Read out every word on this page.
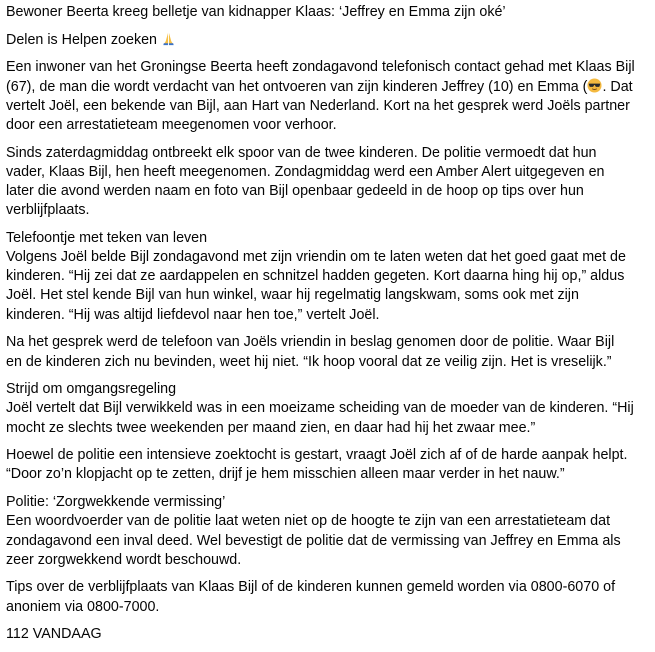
Bewoner Beerta kreeg belletje van kidnapper Klaas: ‘Jeffrey en Emma zijn oké’
Delen is Helpen zoeken
Een inwoner van het Groningse Beerta heeft zondagavond telefonisch contact gehad met Klaas Bijl
(67), de man die wordt verdacht van het ontvoeren van zijn kinderen Jeffrey (10) en Emma ( . Dat
vertelt Joël, een bekende van Bijl, aan Hart van Nederland. Kort na het gesprek werd Joëls partner
door een arrestatieteam meegenomen voor verhoor.
Sinds zaterdagmiddag ontbreekt elk spoor van de twee kinderen. De politie vermoedt dat hun
vader, Klaas Bijl, hen heeft meegenomen. Zondagmiddag werd een Amber Alert uitgegeven en
later die avond werden naam en foto van Bijl openbaar gedeeld in de hoop op tips over hun
verblijfplaats.
Telefoontje met teken van leven
Volgens Joël belde Bijl zondagavond met zijn vriendin om te laten weten dat het goed gaat met de
kinderen. “Hij zei dat ze aardappelen en schnitzel hadden gegeten. Kort daarna hing hij op,” aldus
Joël. Het stel kende Bijl van hun winkel, waar hij regelmatig langskwam, soms ook met zijn
kinderen. “Hij was altijd liefdevol naar hen toe,” vertelt Joël.
Na het gesprek werd de telefoon van Joëls vriendin in beslag genomen door de politie. Waar Bijl
en de kinderen zich nu bevinden, weet hij niet. “Ik hoop vooral dat ze veilig zijn. Het is vreselijk.”
Strijd om omgangsregeling
Joël vertelt dat Bijl verwikkeld was in een moeizame scheiding van de moeder van de kinderen. “Hij
mocht ze slechts twee weekenden per maand zien, en daar had hij het zwaar mee.”
Hoewel de politie een intensieve zoektocht is gestart, vraagt Joël zich af of de harde aanpak helpt.
“Door zo’n klopjacht op te zetten, drijf je hem misschien alleen maar verder in het nauw.”
Politie: ‘Zorgwekkende vermissing’
Een woordvoerder van de politie laat weten niet op de hoogte te zijn van een arrestatieteam dat
zondagavond een inval deed. Wel bevestigt de politie dat de vermissing van Jeffrey en Emma als
zeer zorgwekkend wordt beschouwd.
Tips over de verblijfplaats van Klaas Bijl of de kinderen kunnen gemeld worden via 0800-6070 of
anoniem via 0800-7000.
112 VANDAAG
